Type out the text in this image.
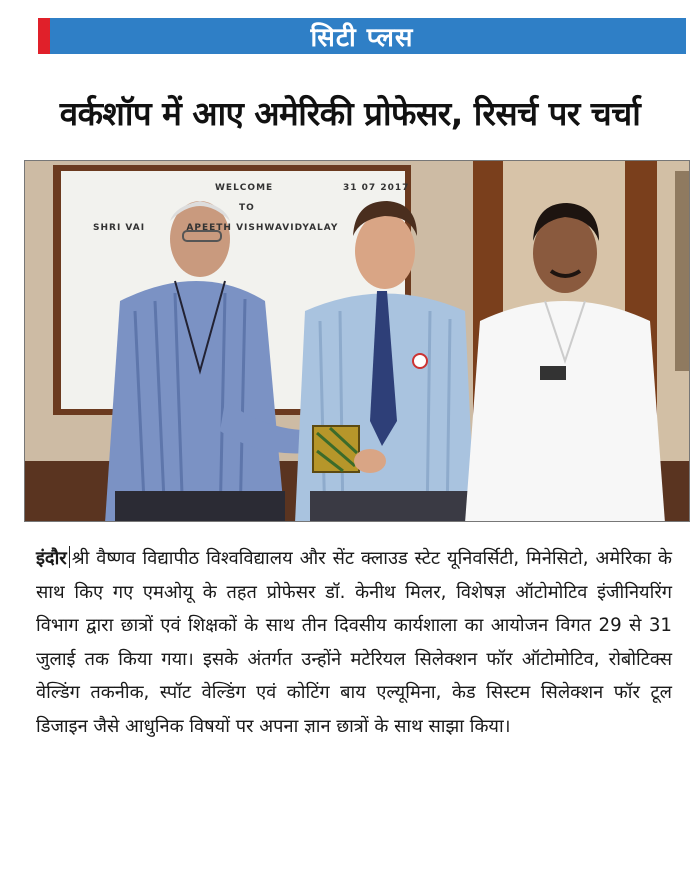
सिटी प्लस
वर्कशॉप में आए अमेरिकी प्रोफेसर, रिसर्च पर चर्चा
WELCOME
TO
SHRI VAI          APEETH VISHWAVIDYALAY
31 07 2017
इंदौर श्री वैष्णव विद्यापीठ विश्वविद्यालय और सेंट क्लाउड स्टेट यूनिवर्सिटी, मिनेसिटो, अमेरिका के साथ किए गए एमओयू के तहत प्रोफेसर डॉ. केनीथ मिलर, विशेषज्ञ ऑटोमोटिव इंजीनियरिंग विभाग द्वारा छात्रों एवं शिक्षकों के साथ तीन दिवसीय कार्यशाला का आयोजन विगत 29 से 31 जुलाई तक किया गया। इसके अंतर्गत उन्होंने मटेरियल सिलेक्शन फॉर ऑटोमोटिव, रोबोटिक्स वेल्डिंग तकनीक, स्पॉट वेल्डिंग एवं कोटिंग बाय एल्यूमिना, केड सिस्टम सिलेक्शन फॉर टूल डिजाइन जैसे आधुनिक विषयों पर अपना ज्ञान छात्रों के साथ साझा किया।
